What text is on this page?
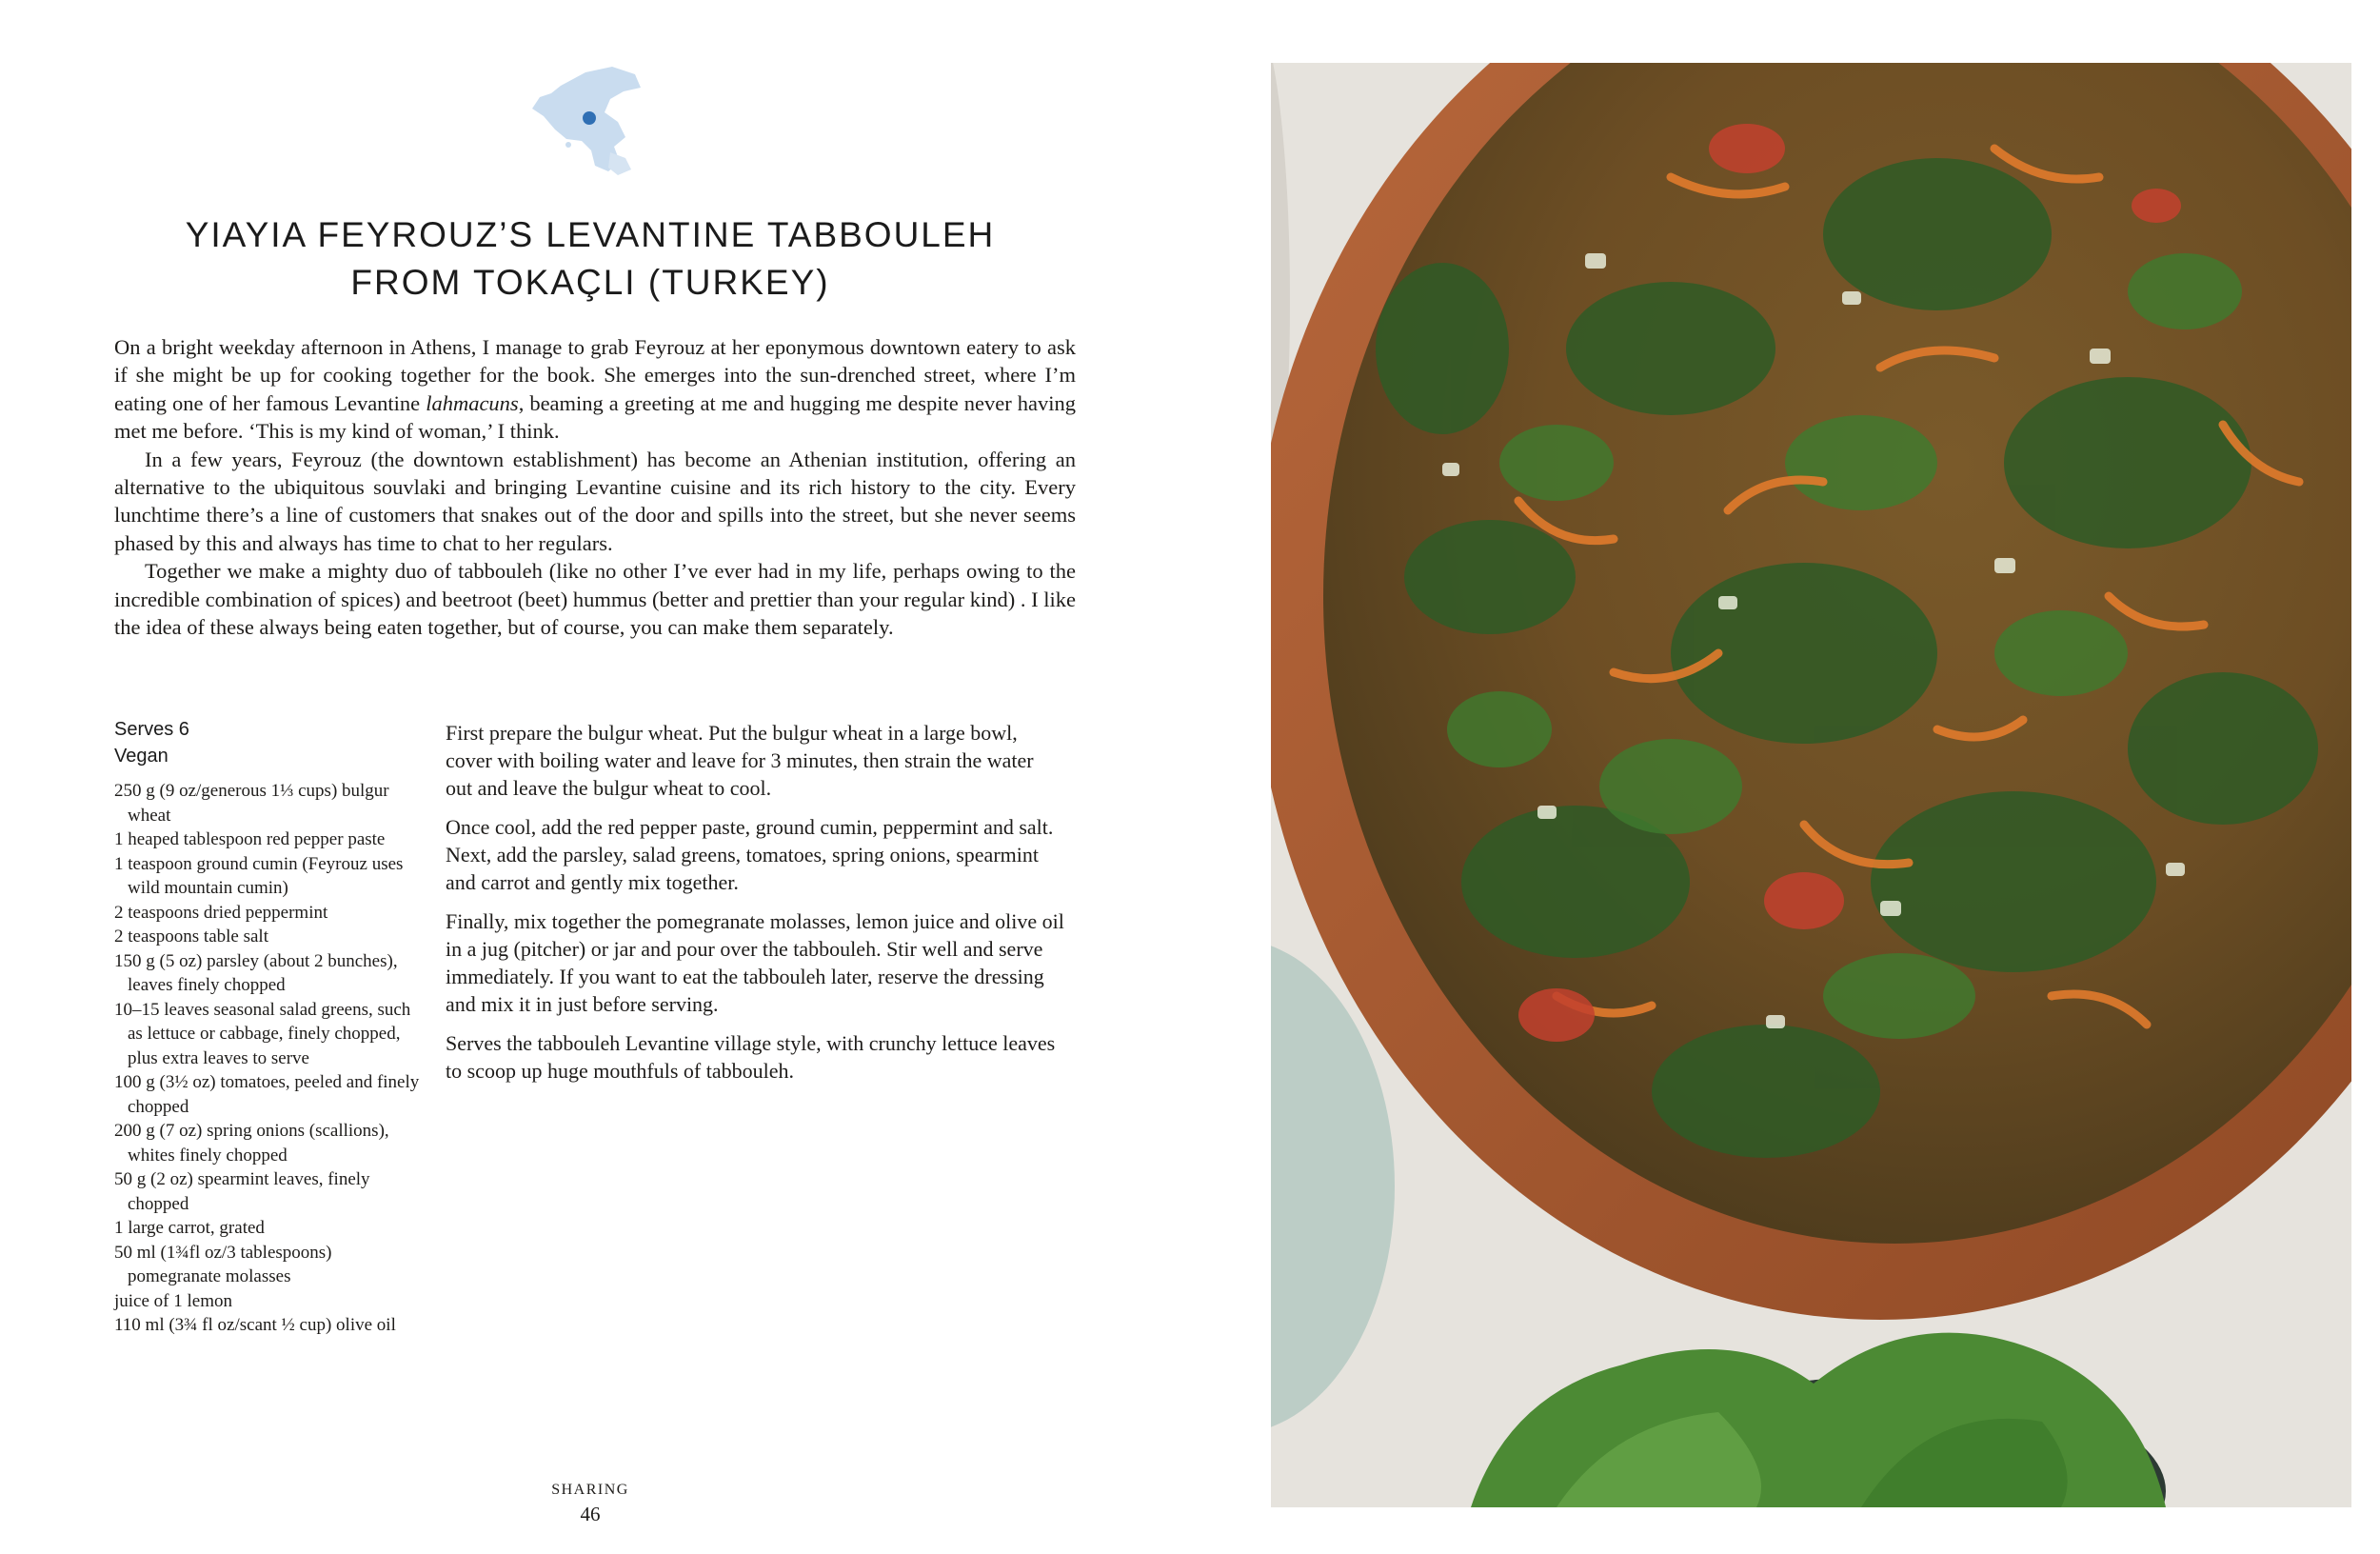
YIAYIA FEYROUZ’S LEVANTINE TABBOULEH
FROM TOKAÇLI (TURKEY)

On a bright weekday afternoon in Athens, I manage to grab Feyrouz at her eponymous downtown eatery to ask if she might be up for cooking together for the book. She emerges into the sun-drenched street, where I’m eating one of her famous Levantine lahmacuns, beaming a greeting at me and hugging me despite never having met me before. ‘This is my kind of woman,’ I think.

In a few years, Feyrouz (the downtown establishment) has become an Athenian institution, offering an alternative to the ubiquitous souvlaki and bringing Levantine cuisine and its rich history to the city. Every lunchtime there’s a line of customers that snakes out of the door and spills into the street, but she never seems phased by this and always has time to chat to her regulars.

Together we make a mighty duo of tabbouleh (like no other I’ve ever had in my life, perhaps owing to the incredible combination of spices) and beetroot (beet) hummus (better and prettier than your regular kind) . I like the idea of these always being eaten together, but of course, you can make them separately.

Serves 6
Vegan
250 g (9 oz/generous 1⅓ cups) bulgur wheat
1 heaped tablespoon red pepper paste
1 teaspoon ground cumin (Feyrouz uses wild mountain cumin)
2 teaspoons dried peppermint
2 teaspoons table salt
150 g (5 oz) parsley (about 2 bunches), leaves finely chopped
10–15 leaves seasonal salad greens, such as lettuce or cabbage, finely chopped, plus extra leaves to serve
100 g (3½ oz) tomatoes, peeled and finely chopped
200 g (7 oz) spring onions (scallions), whites finely chopped
50 g (2 oz) spearmint leaves, finely chopped
1 large carrot, grated
50 ml (1¾fl oz/3 tablespoons) pomegranate molasses
juice of 1 lemon
110 ml (3¾ fl oz/scant ½ cup) olive oil

First prepare the bulgur wheat. Put the bulgur wheat in a large bowl, cover with boiling water and leave for 3 minutes, then strain the water out and leave the bulgur wheat to cool.

Once cool, add the red pepper paste, ground cumin, peppermint and salt. Next, add the parsley, salad greens, tomatoes, spring onions, spearmint and carrot and gently mix together.

Finally, mix together the pomegranate molasses, lemon juice and olive oil in a jug (pitcher) or jar and pour over the tabbouleh. Stir well and serve immediately. If you want to eat the tabbouleh later, reserve the dressing and mix it in just before serving.

Serves the tabbouleh Levantine village style, with crunchy lettuce leaves to scoop up huge mouthfuls of tabbouleh.

SHARING
46
